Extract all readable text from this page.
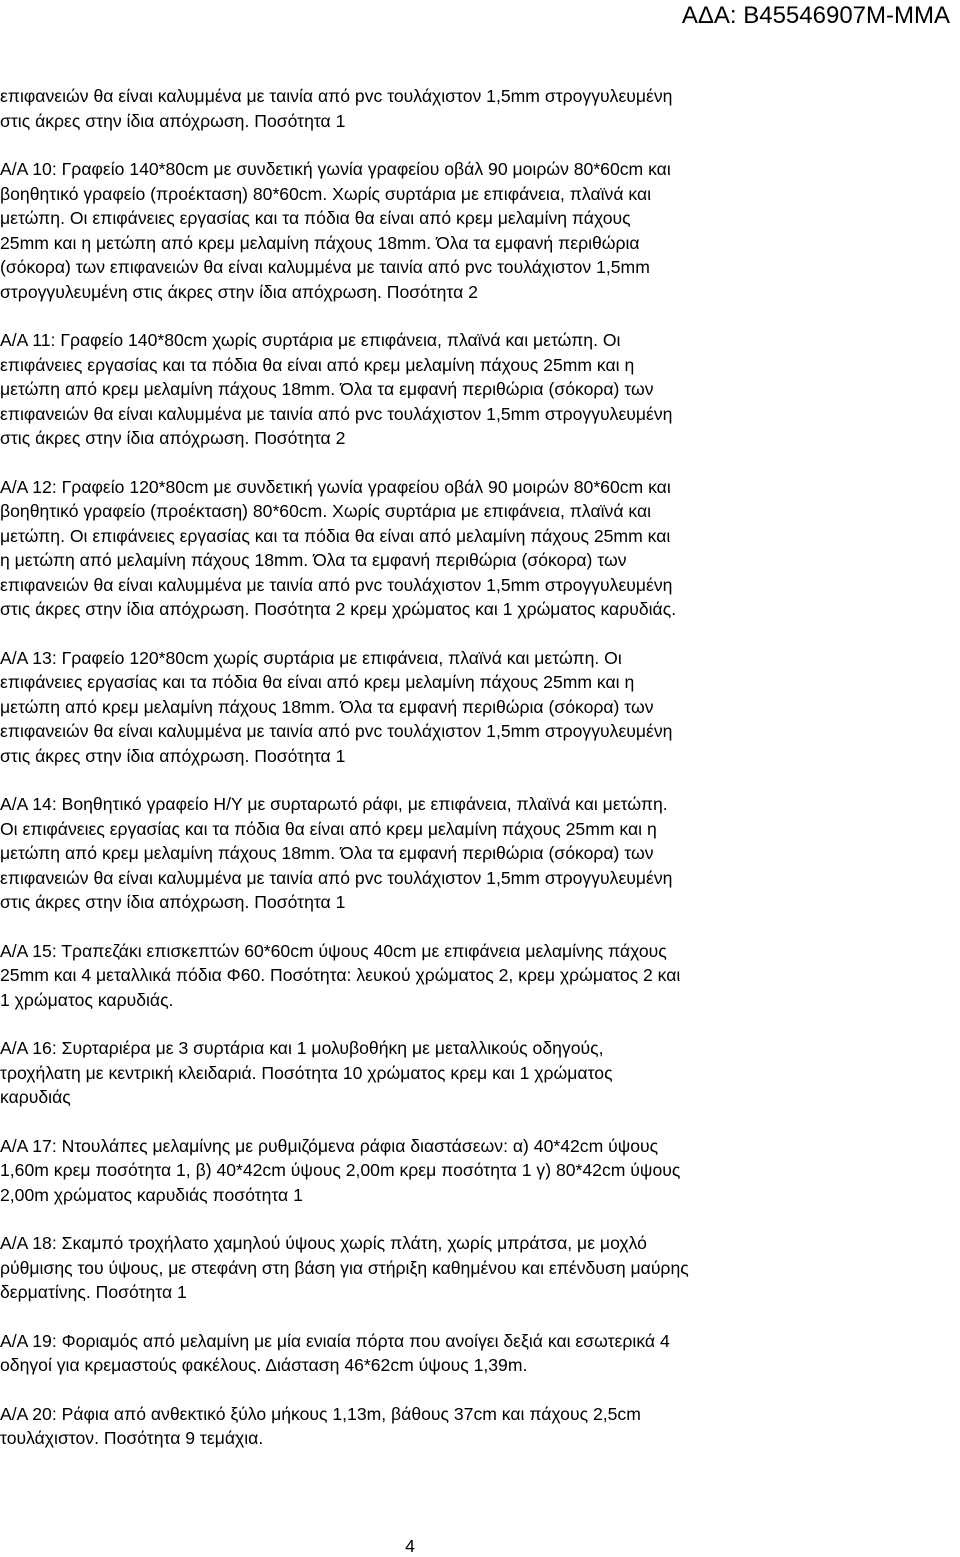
ΑΔΑ: Β45546907Μ-ΜΜΑ

επιφανειών θα είναι καλυμμένα με ταινία από pvc τουλάχιστον 1,5mm στρογγυλευμένη
στις άκρες στην ίδια απόχρωση. Ποσότητα 1

Α/Α 10: Γραφείο 140*80cm με συνδετική γωνία γραφείου οβάλ 90 μοιρών 80*60cm και
βοηθητικό γραφείο (προέκταση) 80*60cm. Χωρίς συρτάρια με επιφάνεια, πλαϊνά και
μετώπη. Οι επιφάνειες εργασίας και τα πόδια θα είναι από κρεμ μελαμίνη πάχους
25mm και η μετώπη από κρεμ μελαμίνη πάχους 18mm. Όλα τα εμφανή περιθώρια
(σόκορα) των επιφανειών θα είναι καλυμμένα με ταινία από pvc τουλάχιστον 1,5mm
στρογγυλευμένη στις άκρες στην ίδια απόχρωση. Ποσότητα 2

Α/Α 11: Γραφείο 140*80cm χωρίς συρτάρια με επιφάνεια, πλαϊνά και μετώπη. Οι
επιφάνειες εργασίας και τα πόδια θα είναι από κρεμ μελαμίνη πάχους 25mm και η
μετώπη από κρεμ μελαμίνη πάχους 18mm. Όλα τα εμφανή περιθώρια (σόκορα) των
επιφανειών θα είναι καλυμμένα με ταινία από pvc τουλάχιστον 1,5mm στρογγυλευμένη
στις άκρες στην ίδια απόχρωση. Ποσότητα 2

Α/Α 12: Γραφείο 120*80cm με συνδετική γωνία γραφείου οβάλ 90 μοιρών 80*60cm και
βοηθητικό γραφείο (προέκταση) 80*60cm. Χωρίς συρτάρια με επιφάνεια, πλαϊνά και
μετώπη. Οι επιφάνειες εργασίας και τα πόδια θα είναι από μελαμίνη πάχους 25mm και
η μετώπη από μελαμίνη πάχους 18mm. Όλα τα εμφανή περιθώρια (σόκορα) των
επιφανειών θα είναι καλυμμένα με ταινία από pvc τουλάχιστον 1,5mm στρογγυλευμένη
στις άκρες στην ίδια απόχρωση. Ποσότητα 2 κρεμ χρώματος και 1 χρώματος καρυδιάς.

Α/Α 13: Γραφείο 120*80cm χωρίς συρτάρια με επιφάνεια, πλαϊνά και μετώπη. Οι
επιφάνειες εργασίας και τα πόδια θα είναι από κρεμ μελαμίνη πάχους 25mm και η
μετώπη από κρεμ μελαμίνη πάχους 18mm. Όλα τα εμφανή περιθώρια (σόκορα) των
επιφανειών θα είναι καλυμμένα με ταινία από pvc τουλάχιστον 1,5mm στρογγυλευμένη
στις άκρες στην ίδια απόχρωση. Ποσότητα 1

Α/Α 14: Βοηθητικό γραφείο Η/Υ με συρταρωτό ράφι, με επιφάνεια, πλαϊνά και μετώπη.
Οι επιφάνειες εργασίας και τα πόδια θα είναι από κρεμ μελαμίνη πάχους 25mm και η
μετώπη από κρεμ μελαμίνη πάχους 18mm. Όλα τα εμφανή περιθώρια (σόκορα) των
επιφανειών θα είναι καλυμμένα με ταινία από pvc τουλάχιστον 1,5mm στρογγυλευμένη
στις άκρες στην ίδια απόχρωση. Ποσότητα 1

Α/Α 15: Τραπεζάκι επισκεπτών 60*60cm ύψους 40cm με επιφάνεια μελαμίνης πάχους
25mm και 4 μεταλλικά πόδια Φ60. Ποσότητα: λευκού χρώματος 2, κρεμ χρώματος 2 και
1 χρώματος καρυδιάς.

Α/Α 16: Συρταριέρα με 3 συρτάρια και 1 μολυβοθήκη με μεταλλικούς οδηγούς,
τροχήλατη με κεντρική κλειδαριά. Ποσότητα 10 χρώματος κρεμ και 1 χρώματος
καρυδιάς

Α/Α 17: Ντουλάπες μελαμίνης με ρυθμιζόμενα ράφια διαστάσεων: α) 40*42cm ύψους
1,60m κρεμ ποσότητα 1, β) 40*42cm ύψους 2,00m κρεμ ποσότητα 1 γ) 80*42cm ύψους
2,00m χρώματος καρυδιάς ποσότητα 1

Α/Α 18: Σκαμπό τροχήλατο χαμηλού ύψους χωρίς πλάτη, χωρίς μπράτσα, με μοχλό
ρύθμισης του ύψους, με στεφάνη στη βάση για στήριξη καθημένου και επένδυση μαύρης
δερματίνης. Ποσότητα 1

Α/Α 19: Φοριαμός από μελαμίνη με μία ενιαία πόρτα που ανοίγει δεξιά και εσωτερικά 4
οδηγοί για κρεμαστούς φακέλους. Διάσταση 46*62cm ύψους 1,39m.

Α/Α 20: Ράφια από ανθεκτικό ξύλο μήκους 1,13m, βάθους 37cm και πάχους 2,5cm
τουλάχιστον. Ποσότητα 9 τεμάχια.

4
